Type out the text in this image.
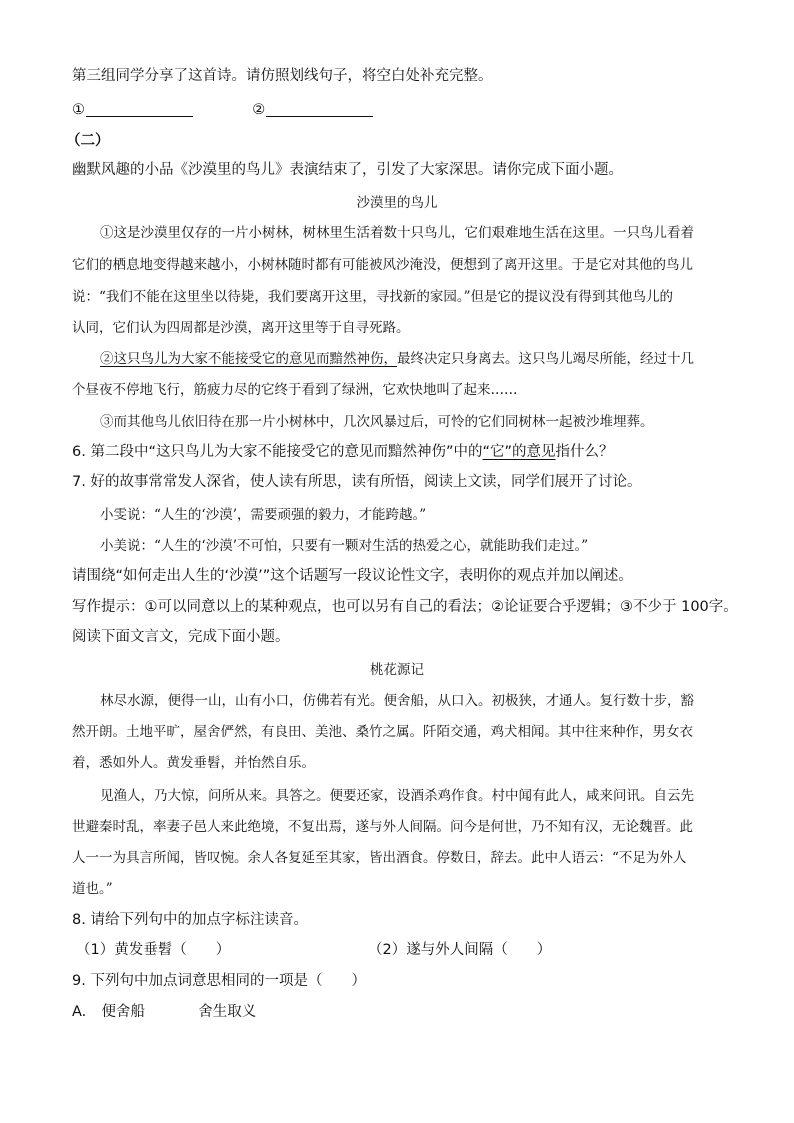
第三组同学分享了这首诗。请仿照划线句子，将空白处补充完整。
①	②
（二）
幽默风趣的小品《沙漠里的鸟儿》表演结束了，引发了大家深思。请你完成下面小题。
沙漠里的鸟儿
①这是沙漠里仅存的一片小树林，树林里生活着数十只鸟儿，它们艰难地生活在这里。一只鸟儿看着
它们的栖息地变得越来越小，小树林随时都有可能被风沙淹没，便想到了离开这里。于是它对其他的鸟儿
说：“我们不能在这里坐以待毙，我们要离开这里，寻找新的家园。”但是它的提议没有得到其他鸟儿的
认同，它们认为四周都是沙漠，离开这里等于自寻死路。
②这只鸟儿为大家不能接受它的意见而黯然神伤，最终决定只身离去。这只鸟儿竭尽所能，经过十几
个昼夜不停地飞行，筋疲力尽的它终于看到了绿洲，它欢快地叫了起来……
③而其他鸟儿依旧待在那一片小树林中，几次风暴过后，可怜的它们同树林一起被沙堆埋葬。
6. 第二段中“这只鸟儿为大家不能接受它的意见而黯然神伤”中的“它”的意见指什么？
7. 好的故事常常发人深省，使人读有所思，读有所悟，阅读上文读，同学们展开了讨论。
小雯说：“人生的‘沙漠’，需要顽强的毅力，才能跨越。”
小美说：“人生的‘沙漠’不可怕，只要有一颗对生活的热爱之心，就能助我们走过。”
请围绕“如何走出人生的‘沙漠’”这个话题写一段议论性文字，表明你的观点并加以阐述。
写作提示：①可以同意以上的某种观点，也可以另有自己的看法；②论证要合乎逻辑；③不少于 100字。
阅读下面文言文，完成下面小题。
桃花源记
林尽水源，便得一山，山有小口，仿佛若有光。便舍船，从口入。初极狭，才通人。复行数十步，豁
然开朗。土地平旷，屋舍俨然，有良田、美池、桑竹之属。阡陌交通，鸡犬相闻。其中往来种作，男女衣
着，悉如外人。黄发垂髫，并怡然自乐。
见渔人，乃大惊，问所从来。具答之。便要还家，设酒杀鸡作食。村中闻有此人，咸来问讯。自云先
世避秦时乱，率妻子邑人来此绝境，不复出焉，遂与外人间隔。问今是何世，乃不知有汉，无论魏晋。此
人一一为具言所闻，皆叹惋。余人各复延至其家，皆出酒食。停数日，辞去。此中人语云：“不足为外人
道也。”
8. 请给下列句中的加点字标注读音。
（1）黄发垂髫（　　）	（2）遂与外人间隔（　　）
9. 下列句中加点词意思相同的一项是（　　）
A. 便舍船	舍生取义
